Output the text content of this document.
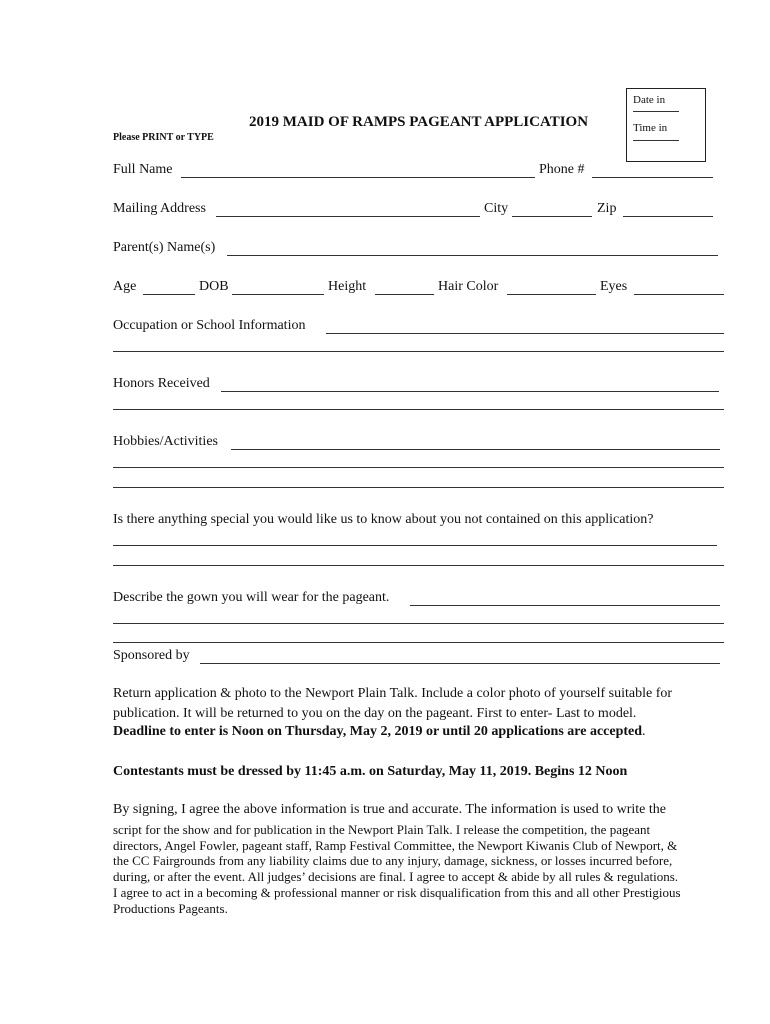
Date in
Time in
2019 MAID OF RAMPS PAGEANT APPLICATION
Please PRINT or TYPE
Full Name	Phone #
Mailing Address	City	Zip
Parent(s) Name(s)
Age	DOB	Height	Hair Color	Eyes
Occupation or School Information
Honors Received
Hobbies/Activities
Is there anything special you would like us to know about you not contained on this application?
Describe the gown you will wear for the pageant.
Sponsored by
Return application & photo to the Newport Plain Talk. Include a color photo of yourself suitable for
publication. It will be returned to you on the day on the pageant. First to enter- Last to model.
Deadline to enter is Noon on Thursday, May 2, 2019 or until 20 applications are accepted.
Contestants must be dressed by 11:45 a.m. on Saturday, May 11, 2019. Begins 12 Noon
By signing, I agree the above information is true and accurate. The information is used to write the
script for the show and for publication in the Newport Plain Talk. I release the competition, the pageant
directors, Angel Fowler, pageant staff, Ramp Festival Committee, the Newport Kiwanis Club of Newport, &
the CC Fairgrounds from any liability claims due to any injury, damage, sickness, or losses incurred before,
during, or after the event. All judges’ decisions are final. I agree to accept & abide by all rules & regulations.
I agree to act in a becoming & professional manner or risk disqualification from this and all other Prestigious
Productions Pageants.
